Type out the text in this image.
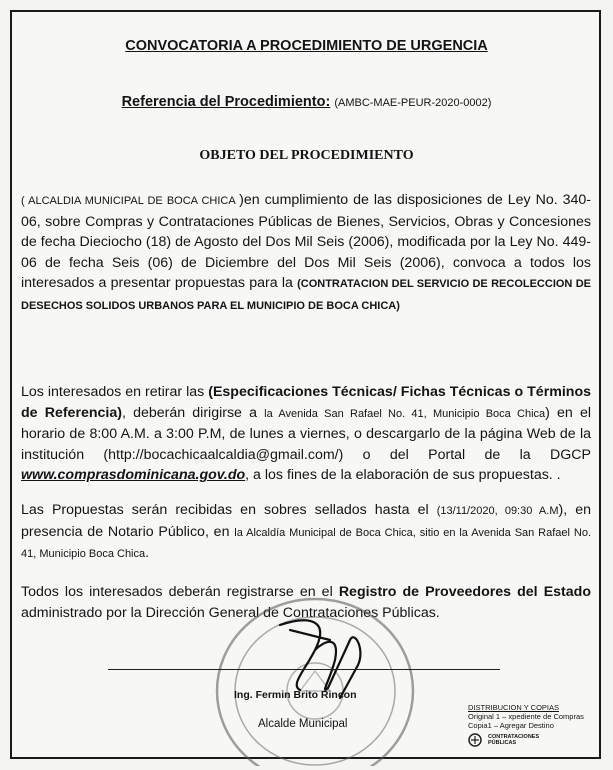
CONVOCATORIA A PROCEDIMIENTO DE URGENCIA
Referencia del Procedimiento: (AMBC-MAE-PEUR-2020-0002)
OBJETO DEL PROCEDIMIENTO
( ALCALDIA MUNICIPAL DE BOCA CHICA )en cumplimiento de las disposiciones de Ley No. 340-06, sobre Compras y Contrataciones Públicas de Bienes, Servicios, Obras y Concesiones de fecha Dieciocho (18) de Agosto del Dos Mil Seis (2006), modificada por la Ley No. 449-06 de fecha Seis (06) de Diciembre del Dos Mil Seis (2006), convoca a todos los interesados a presentar propuestas para la (CONTRATACION DEL SERVICIO DE RECOLECCION DE DESECHOS SOLIDOS URBANOS PARA EL MUNICIPIO DE BOCA CHICA)
Los interesados en retirar las (Especificaciones Técnicas/ Fichas Técnicas o Términos de Referencia), deberán dirigirse a la Avenida San Rafael No. 41, Municipio Boca Chica) en el horario de 8:00 A.M. a 3:00 P.M, de lunes a viernes, o descargarlo de la página Web de la institución (http://bocachicaalcaldia@gmail.com/) o del Portal de la DGCP www.comprasdominicana.gov.do, a los fines de la elaboración de sus propuestas. .
Las Propuestas serán recibidas en sobres sellados hasta el (13/11/2020, 09:30 A.M), en presencia de Notario Público, en la Alcaldía Municipal de Boca Chica, sitio en la Avenida San Rafael No. 41, Municipio Boca Chica.
Todos los interesados deberán registrarse en el Registro de Proveedores del Estado administrado por la Dirección General de Contrataciones Públicas.
Ing. Fermin Brito Rincon
Alcalde Municipal
DISTRIBUCION Y COPIAS
Original 1 – xpediente de Compras
Copia1 – Agregar Destino
CONTRATACIONES
PÚBLICAS
